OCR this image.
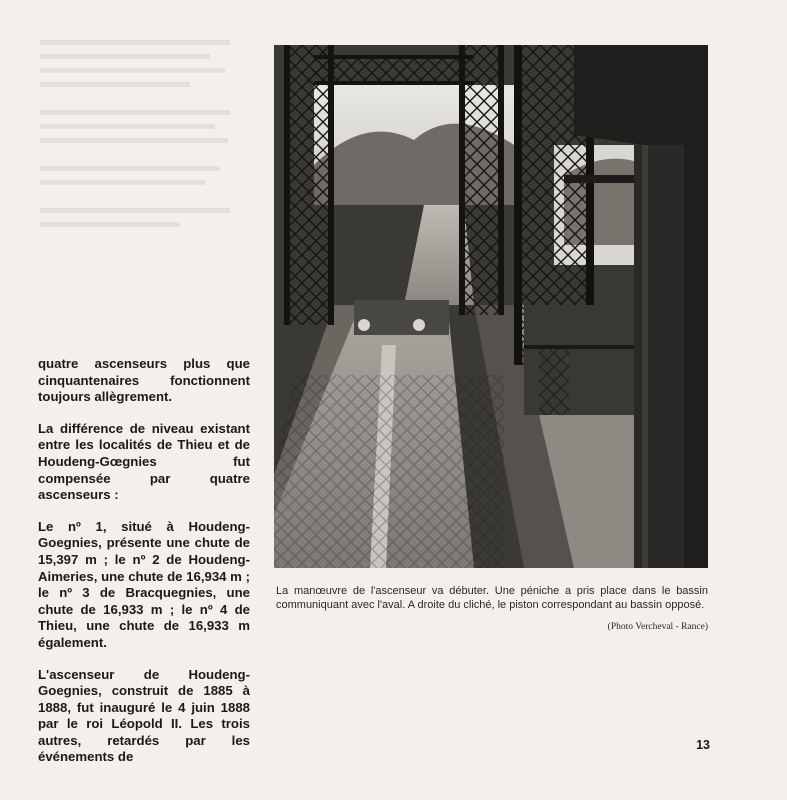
quatre ascenseurs plus que cinquantenaires fonctionnent toujours allègrement.

La différence de niveau existant entre les localités de Thieu et de Houdeng-Gœgnies fut compensée par quatre ascenseurs :

Le nº 1, situé à Houdeng-Goegnies, présente une chute de 15,397 m ; le nº 2 de Houdeng-Aimeries, une chute de 16,934 m ; le nº 3 de Bracquegnies, une chute de 16,933 m ; le nº 4 de Thieu, une chute de 16,933 m également.

L'ascenseur de Houdeng-Goegnies, construit de 1885 à 1888, fut inauguré le 4 juin 1888 par le roi Léopold II. Les trois autres, retardés par les événements de

La manœuvre de l'ascenseur va débuter. Une péniche a pris place dans le bassin communiquant avec l'aval. A droite du cliché, le piston correspondant au bassin opposé.
(Photo Vercheval - Rance)
13
